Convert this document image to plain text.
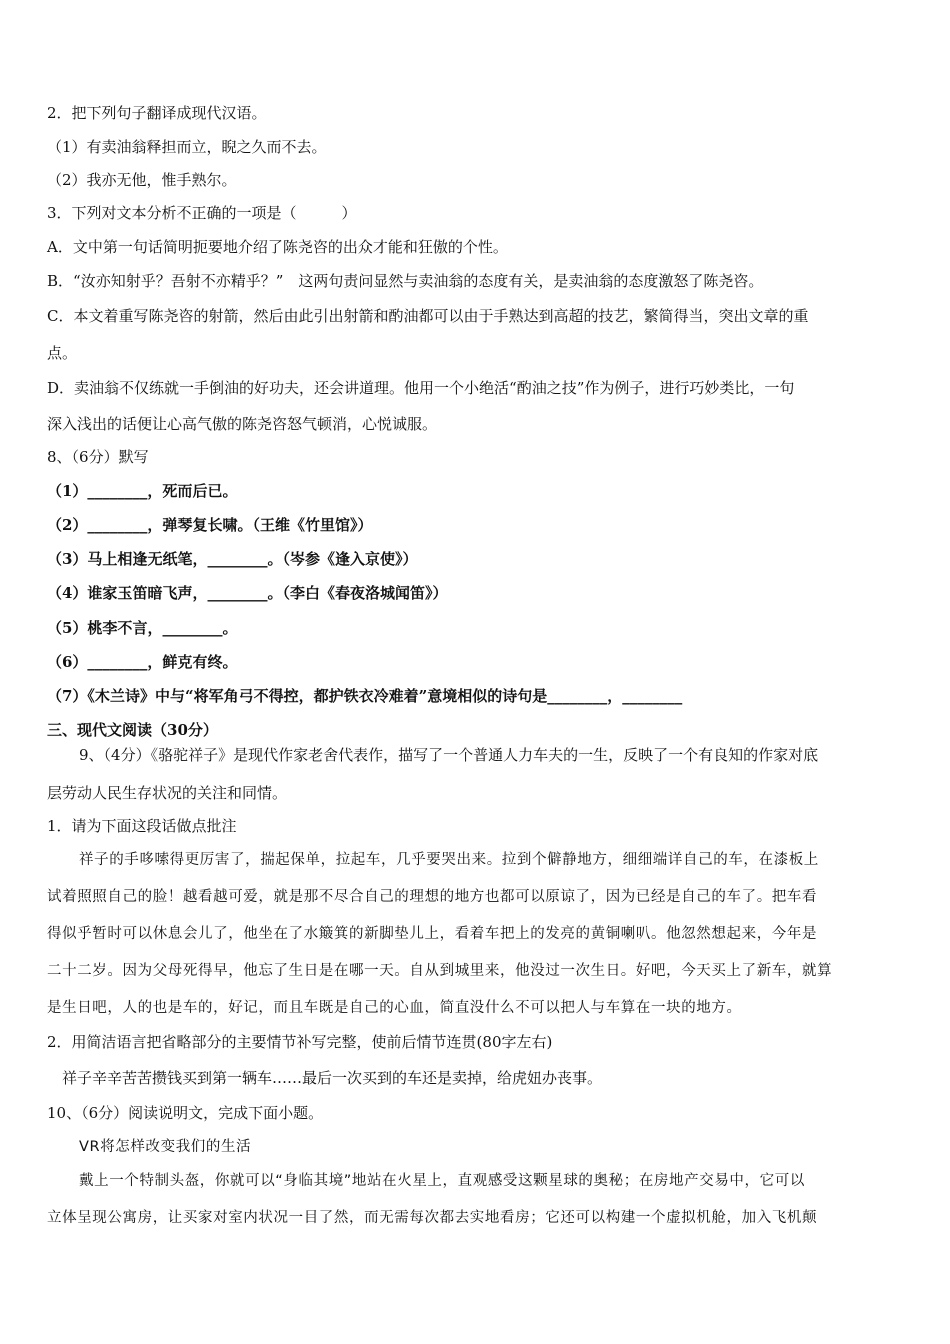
2．把下列句子翻译成现代汉语。
（1）有卖油翁释担而立，睨之久而不去。
（2）我亦无他，惟手熟尔。
3．下列对文本分析不正确的一项是（　　　）
A．文中第一句话简明扼要地介绍了陈尧咨的出众才能和狂傲的个性。
B．“汝亦知射乎？吾射不亦精乎？”　这两句责问显然与卖油翁的态度有关，是卖油翁的态度激怒了陈尧咨。
C．本文着重写陈尧咨的射箭，然后由此引出射箭和酌油都可以由于手熟达到高超的技艺，繁简得当，突出文章的重
点。
D．卖油翁不仅练就一手倒油的好功夫，还会讲道理。他用一个小绝活“酌油之技”作为例子，进行巧妙类比，一句
深入浅出的话便让心高气傲的陈尧咨怒气顿消，心悦诚服。
8、（6分）默写
（1）________，死而后已。
（2）________，弹琴复长啸。（王维《竹里馆》）
（3）马上相逢无纸笔，________。（岑参《逢入京使》）
（4）谁家玉笛暗飞声，________。（李白《春夜洛城闻笛》）
（5）桃李不言，________。
（6）________，鲜克有终。
（7）《木兰诗》中与“将军角弓不得控，都护铁衣冷难着”意境相似的诗句是________，________
三、现代文阅读（30分）
9、（4分）《骆驼祥子》是现代作家老舍代表作，描写了一个普通人力车夫的一生，反映了一个有良知的作家对底
层劳动人民生存状况的关注和同情。
1．请为下面这段话做点批注
祥子的手哆嗦得更厉害了，揣起保单，拉起车，几乎要哭出来。拉到个僻静地方，细细端详自己的车，在漆板上
试着照照自己的脸！越看越可爱，就是那不尽合自己的理想的地方也都可以原谅了，因为已经是自己的车了。把车看
得似乎暂时可以休息会儿了，他坐在了水簸箕的新脚垫儿上，看着车把上的发亮的黄铜喇叭。他忽然想起来，今年是
二十二岁。因为父母死得早，他忘了生日是在哪一天。自从到城里来，他没过一次生日。好吧，今天买上了新车，就算
是生日吧，人的也是车的，好记，而且车既是自己的心血，简直没什么不可以把人与车算在一块的地方。
2．用简洁语言把省略部分的主要情节补写完整，使前后情节连贯(80字左右)
祥子辛辛苦苦攒钱买到第一辆车……最后一次买到的车还是卖掉，给虎妞办丧事。
10、（6分）阅读说明文，完成下面小题。
VR将怎样改变我们的生活
戴上一个特制头盔，你就可以“身临其境”地站在火星上，直观感受这颗星球的奥秘；在房地产交易中，它可以
立体呈现公寓房，让买家对室内状况一目了然，而无需每次都去实地看房；它还可以构建一个虚拟机舱，加入飞机颠
